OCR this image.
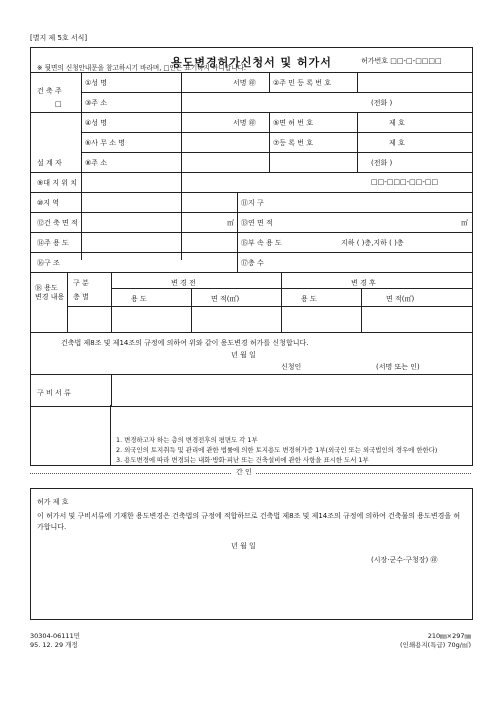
[별지 제 5호 서식]
용도변경허가신청서 및 허가서	허가번호 □□-□-□□□□
※ 뒷면의 신청안내문을 참고하시기 바라며, □안은 표기하지 아니합니다.
건 축 주
□
①성 명	서명 ㊞ ②주 민 등 록 번 호
③주 소	(전화 )
설 계 자
④성 명	서명 ㊞ ⑤면 허 번 호	제 호
⑥사 무 소 명	⑦등 록 번 호	제 호
⑧주 소	(전화 )
⑨대 지 위 치	□□-□□□-□□-□□
⑩지 역	⑪지 구
⑫건 축 면 적	㎡ ⑬연 면 적	㎡
⑭주 용 도	⑮부 속 용 도	지하 ( )층,지하 ( )층
⑯구 조	⑰층 수
⑱ 용도 변경 내용
구 분
층 별
변 경 전	변 경 후
용 도	면 적(㎡)	용 도	면 적(㎡)
건축법 제8조 및 제14조의 규정에 의하여 위와 같이 용도변경 허가를 신청합니다.
년 월 일
신청인	(서명 또는 인)
구 비 서 류
1. 변경하고자 하는 층의 변경전후의 평면도 각 1부
2. 외국인의 토지취득 및 관리에 관한 법률에 의한 토지용도 변경허가증 1부(외국인 또는 외국법인의 경우에 한한다)
3. 용도변경에 따라 변경되는 내화·방화·피난 또는 건축설비에 관한 사항을 표시한 도서 1부
간 인
허가 제 호
이 허가서 및 구비서류에 기재한 용도변경은 건축법의 규정에 적합하므로 건축법 제8조 및 제14조의 규정에 의하여 건축물의 용도변경을 허가합니다.
년 월 일
(시장·군수·구청장) ㊞
30304-06111민
95. 12. 29 개정
210㎜×297㎜
(인쇄용지(특급) 70g/㎡)
